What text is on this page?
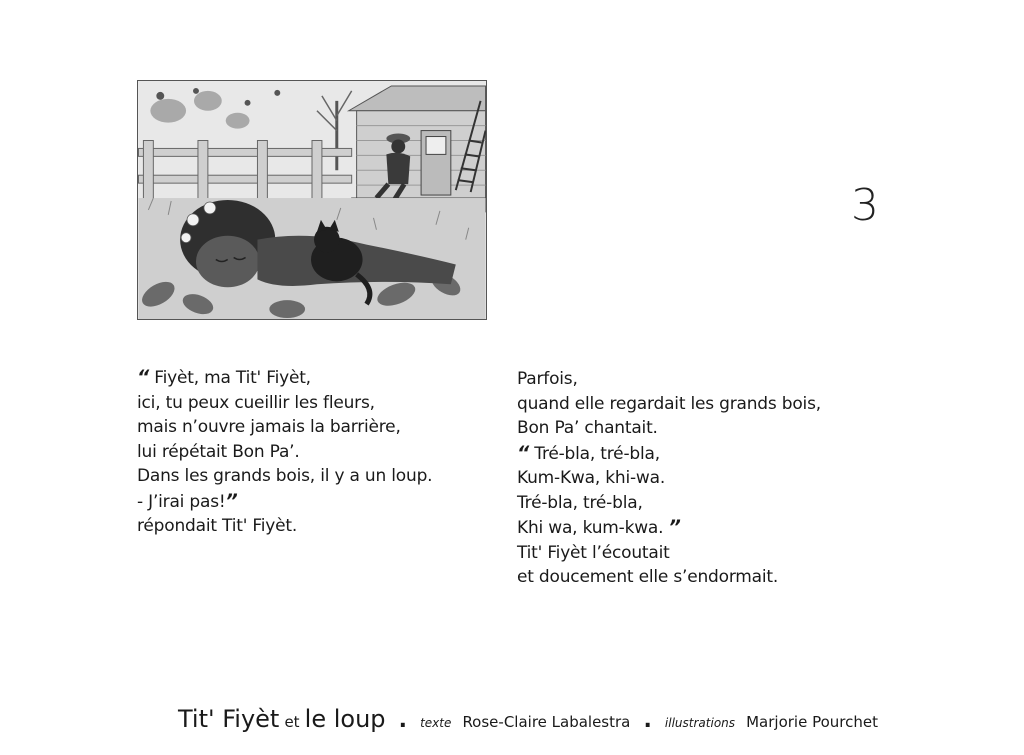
3
“ Fiyèt, ma Tit' Fiyèt,
ici, tu peux cueillir les fleurs,
mais n’ouvre jamais la barrière,
lui répétait Bon Pa’.
Dans les grands bois, il y a un loup.
- J’irai pas!”
répondait Tit' Fiyèt.
Parfois,
quand elle regardait les grands bois,
Bon Pa’ chantait.
“ Tré-bla, tré-bla,
Kum-Kwa, khi-wa.
Tré-bla, tré-bla,
Khi wa, kum-kwa. ”
Tit' Fiyèt l’écoutait
et doucement elle s’endormait.
Tit' Fiyèt et le loup . texte Rose-Claire Labalestra . illustrations Marjorie Pourchet
